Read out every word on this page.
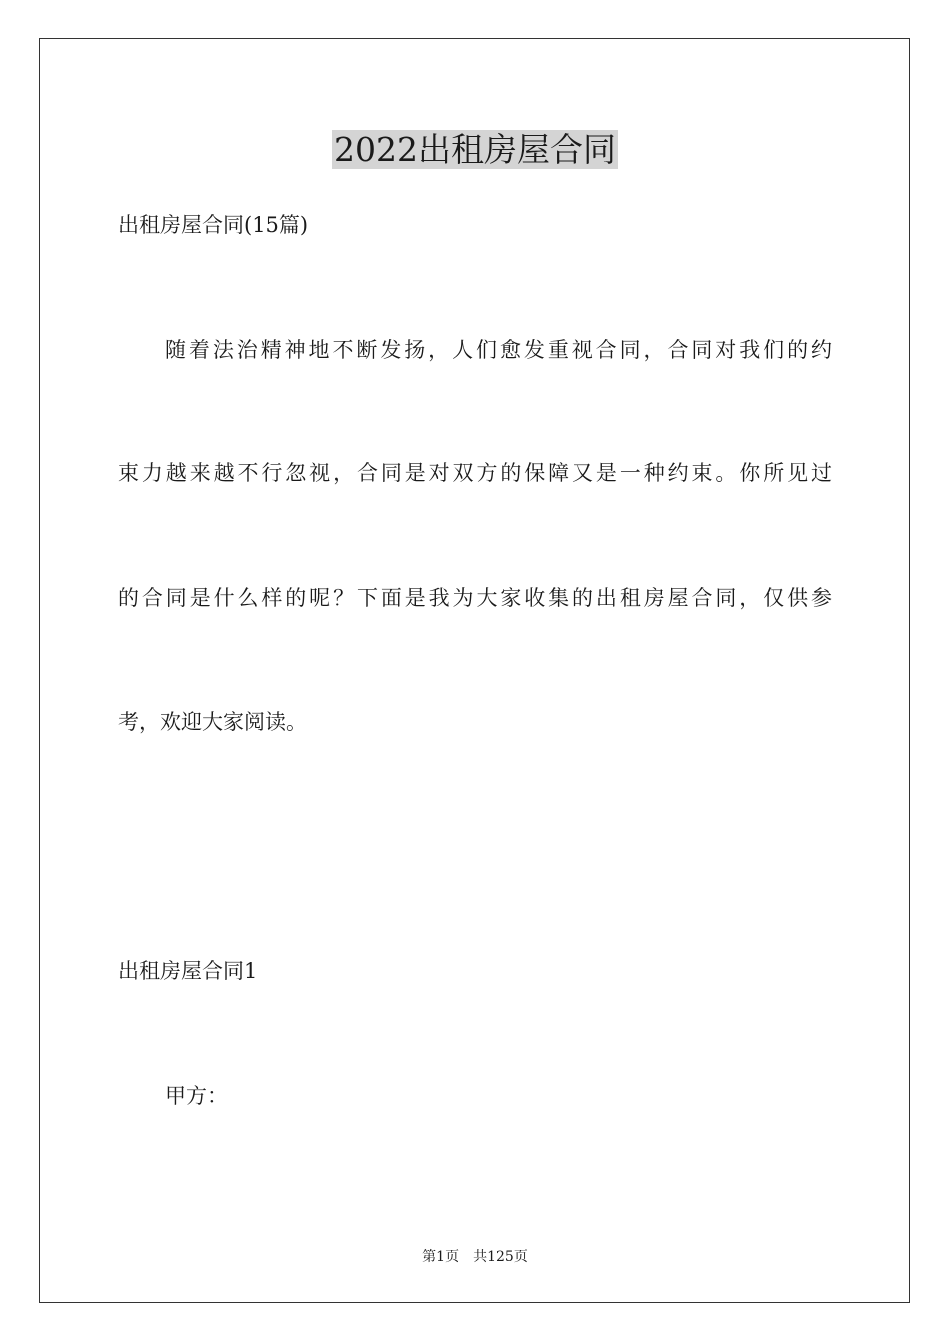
2022出租房屋合同

出租房屋合同(15篇)

随着法治精神地不断发扬，人们愈发重视合同，合同对我们的约

束力越来越不行忽视，合同是对双方的保障又是一种约束。你所见过

的合同是什么样的呢？下面是我为大家收集的出租房屋合同，仅供参

考，欢迎大家阅读。

出租房屋合同1

甲方：

第1页 共125页
